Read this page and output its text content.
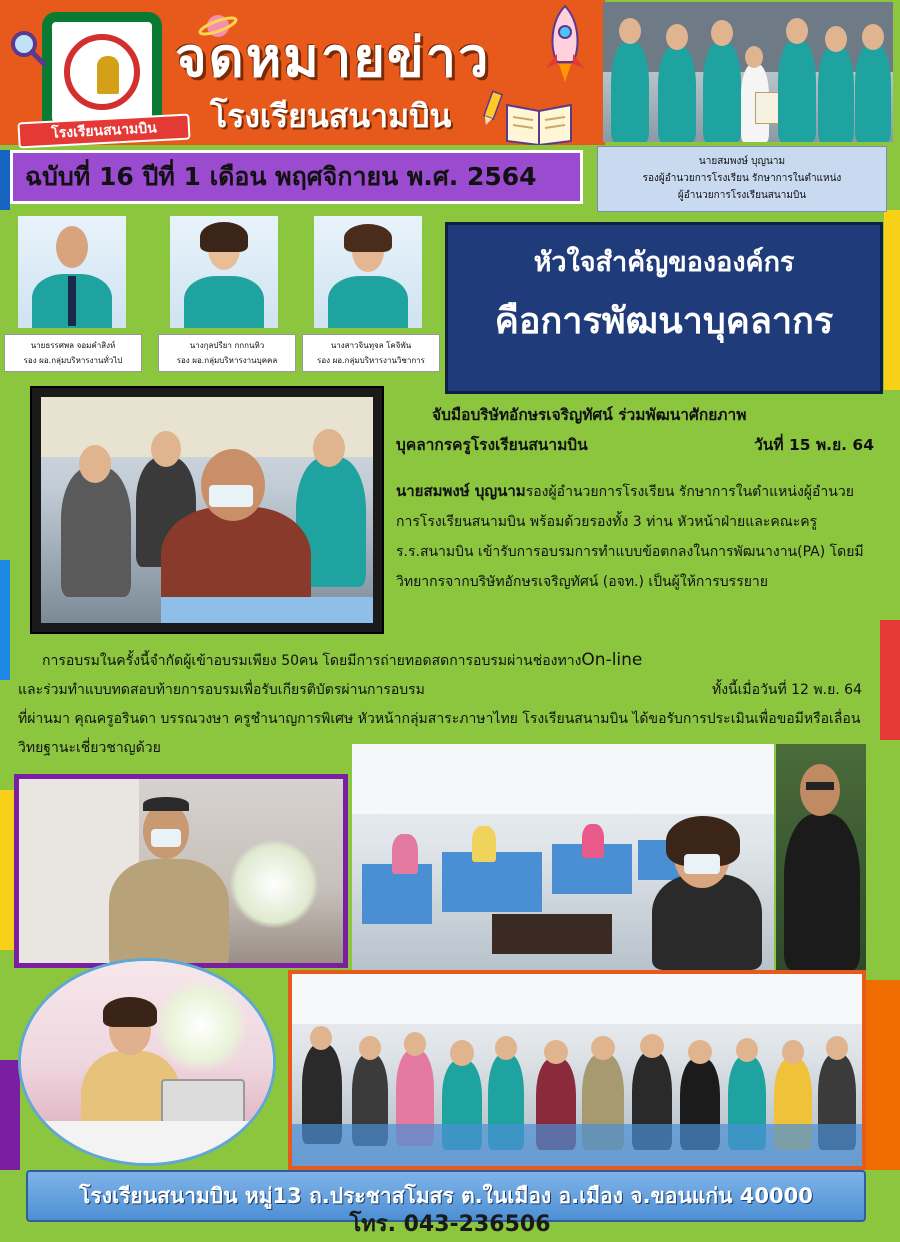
โรงเรียนสนามบิน
จดหมายข่าว
โรงเรียนสนามบิน
ฉบับที่ 16 ปีที่ 1 เดือน พฤศจิกายน พ.ศ. 2564
นายสมพงษ์ บุญนาม
รองผู้อำนวยการโรงเรียน รักษาการในตำแหน่ง
ผู้อำนวยการโรงเรียนสนามบิน
นายธรรศพล จอมคำสิงห์
รอง ผอ.กลุ่มบริหารงานทั่วไป
นางกุลปรียา กกกนหิว
รอง ผอ.กลุ่มบริหารงานบุคคล
นางสาวจินทุจล โคจิพัน
รอง ผอ.กลุ่มบริหารงานวิชาการ
หัวใจสำคัญขององค์กร
คือการพัฒนาบุคลากร
จับมือบริษัทอักษรเจริญทัศน์ ร่วมพัฒนาศักยภาพ
บุคลากรครูโรงเรียนสนามบิน	วันที่ 15 พ.ย. 64
นายสมพงษ์ บุญนามรองผู้อำนวยการโรงเรียน รักษาการในตำแหน่งผู้อำนวยการโรงเรียนสนามบิน พร้อมด้วยรองทั้ง 3 ท่าน หัวหน้าฝ่ายและคณะครู ร.ร.สนามบิน เข้ารับการอบรมการทำแบบข้อตกลงในการพัฒนางาน(PA) โดยมีวิทยากรจากบริษัทอักษรเจริญทัศน์ (อจท.) เป็นผู้ให้การบรรยาย
การอบรมในครั้งนี้จำกัดผู้เข้าอบรมเพียง 50คน โดยมีการถ่ายทอดสดการอบรมผ่านช่องทางOn-line
และร่วมทำแบบทดสอบท้ายการอบรมเพื่อรับเกียรติบัตรผ่านการอบรม	ทั้งนี้เมื่อวันที่ 12 พ.ย. 64
ที่ผ่านมา คุณครูอรินดา บรรณวงษา ครูชำนาญการพิเศษ หัวหน้ากลุ่มสาระภาษาไทย โรงเรียนสนามบิน ได้ขอรับการประเมินเพื่อขอมีหรือเลื่อนวิทยฐานะเชี่ยวชาญด้วย
โรงเรียนสนามบิน หมู่13 ถ.ประชาสโมสร ต.ในเมือง อ.เมือง จ.ขอนแก่น 40000
โทร. 043-236506
